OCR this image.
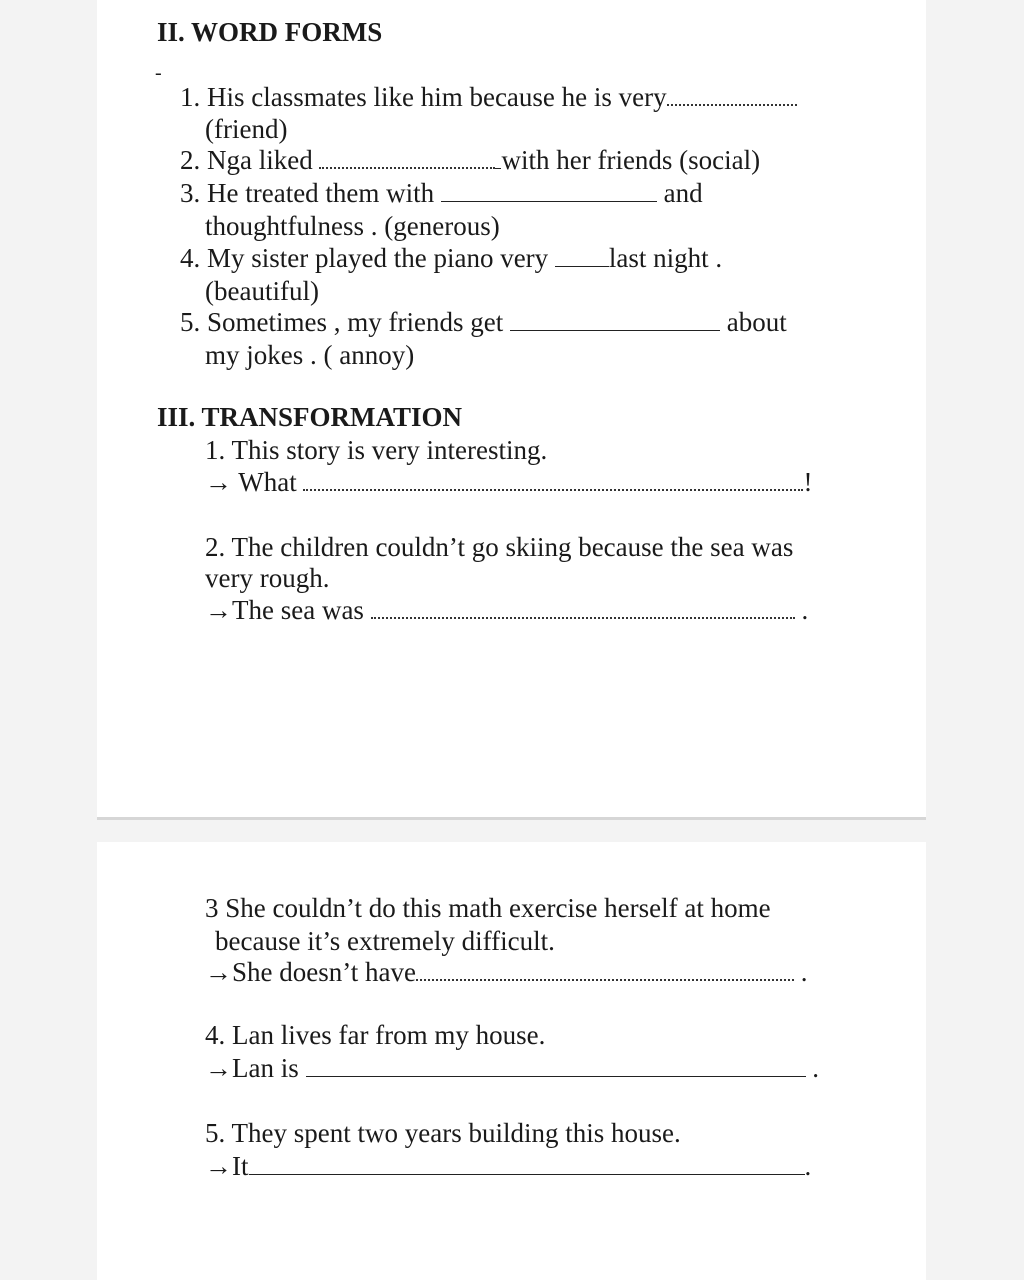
II. WORD FORMS
-
1. His classmates like him because he is very
(friend)
2. Nga liked	with her friends (social)
3. He treated them with	and
thoughtfulness . (generous)
4. My sister played the piano very last night .
(beautiful)
5. Sometimes , my friends get	about
my jokes . ( annoy)
III. TRANSFORMATION
1. This story is very interesting.
→ What	!
2. The children couldn’t go skiing because the sea was
very rough.
→The sea was	.
3 She couldn’t do this math exercise herself at home
because it’s extremely difficult.
→She doesn’t have	.
4. Lan lives far from my house.
→Lan is	.
5. They spent two years building this house.
→It	.
